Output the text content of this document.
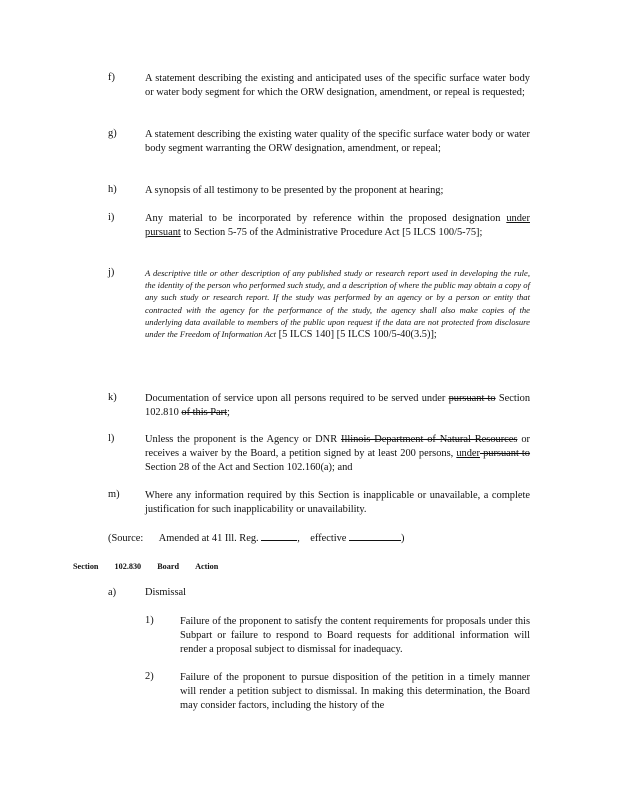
f)	A statement describing the existing and anticipated uses of the specific surface water body or water body segment for which the ORW designation, amendment, or repeal is requested;

g)	A statement describing the existing water quality of the specific surface water body or water body segment warranting the ORW designation, amendment, or repeal;

h)	A synopsis of all testimony to be presented by the proponent at hearing;

i)	Any material to be incorporated by reference within the proposed designation under pursuant to Section 5-75 of the Administrative Procedure Act [5 ILCS 100/5-75];

j)	A descriptive title or other description of any published study or research report used in developing the rule, the identity of the person who performed such study, and a description of where the public may obtain a copy of any such study or research report. If the study was performed by an agency or by a person or entity that contracted with the agency for the performance of the study, the agency shall also make copies of the underlying data available to members of the public upon request if the data are not protected from disclosure under the Freedom of Information Act [5 ILCS 140] [5 ILCS 100/5-40(3.5)];

k)	Documentation of service upon all persons required to be served under pursuant to Section 102.810 of this Part;

l)	Unless the proponent is the Agency or DNR Illinois Department of Natural Resources or receives a waiver by the Board, a petition signed by at least 200 persons, under pursuant to Section 28 of the Act and Section 102.160(a); and

m) Where any information required by this Section is inapplicable or unavailable, a complete justification for such inapplicability or unavailability.

(Source: Amended at 41 Ill. Reg.	,    effective	)
Section 102.830 Board Action
a)	Dismissal
1)	Failure of the proponent to satisfy the content requirements for proposals under this Subpart or failure to respond to Board requests for additional information will render a proposal subject to dismissal for inadequacy.
2)	Failure of the proponent to pursue disposition of the petition in a timely manner will render a petition subject to dismissal. In making this determination, the Board may consider factors, including the history of the
